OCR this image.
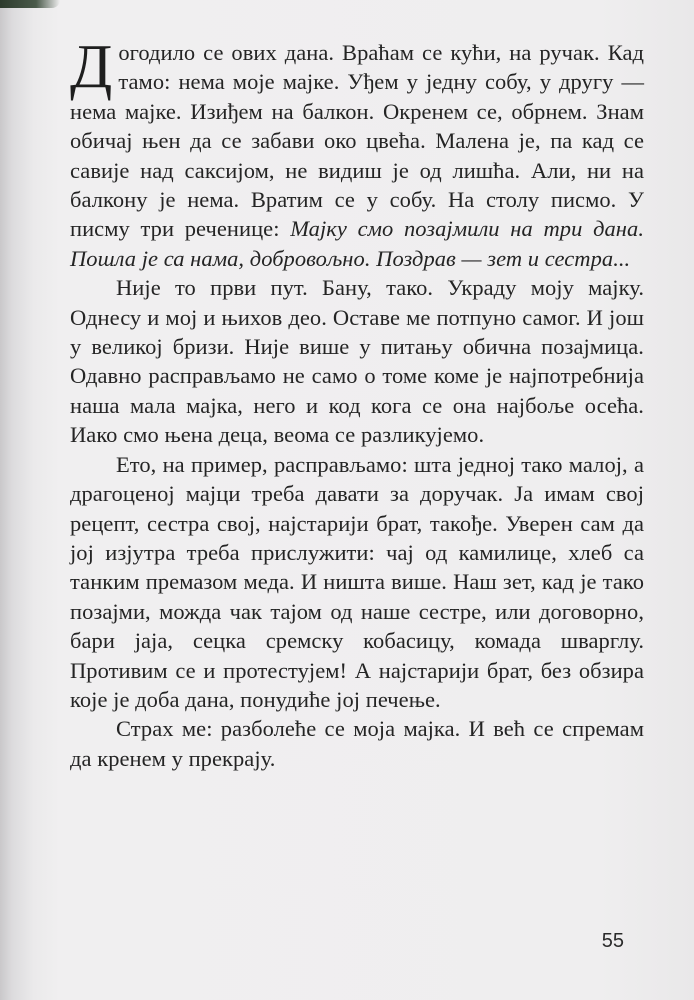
Догодило се ових дана. Враћам се кући, на ручак. Кад тамо: нема моје мајке. Уђем у једну собу, у другу — нема мајке. Изиђем на балкон. Окренем се, обрнем. Знам обичај њен да се забави око цвећа. Малена је, па кад се савије над саксијом, не видиш је од лишћа. Али, ни на балкону је нема. Вратим се у собу. На столу писмо. У писму три реченице: Мајку смо позајмили на три дана. Пошла је са нама, добровољно. Поздрав — зет и сестра...

Није то први пут. Бану, тако. Украду моју мајку. Однесу и мој и њихов део. Оставе ме потпуно самог. И још у великој бризи. Није више у питању обична позајмица. Одавно расправљамо не само о томе коме је најпотребнија наша мала мајка, него и код кога се она најбоље осећа. Иако смо њена деца, веома се разликујемо.

Ето, на пример, расправљамо: шта једној тако малој, а драгоценој мајци треба давати за доручак. Ја имам свој рецепт, сестра свој, најстарији брат, такође. Уверен сам да јој изјутра треба прислужити: чај од камилице, хлеб са танким премазом меда. И ништа више. Наш зет, кад је тако позајми, можда чак тајом од наше сестре, или договорно, бари јаја, сецка сремску кобасицу, комада шварглу. Противим се и протестујем! А најстарији брат, без обзира које је доба дана, понудиће јој печење.

Страх ме: разболеће се моја мајка. И већ се спремам да кренем у прекрају.

55
